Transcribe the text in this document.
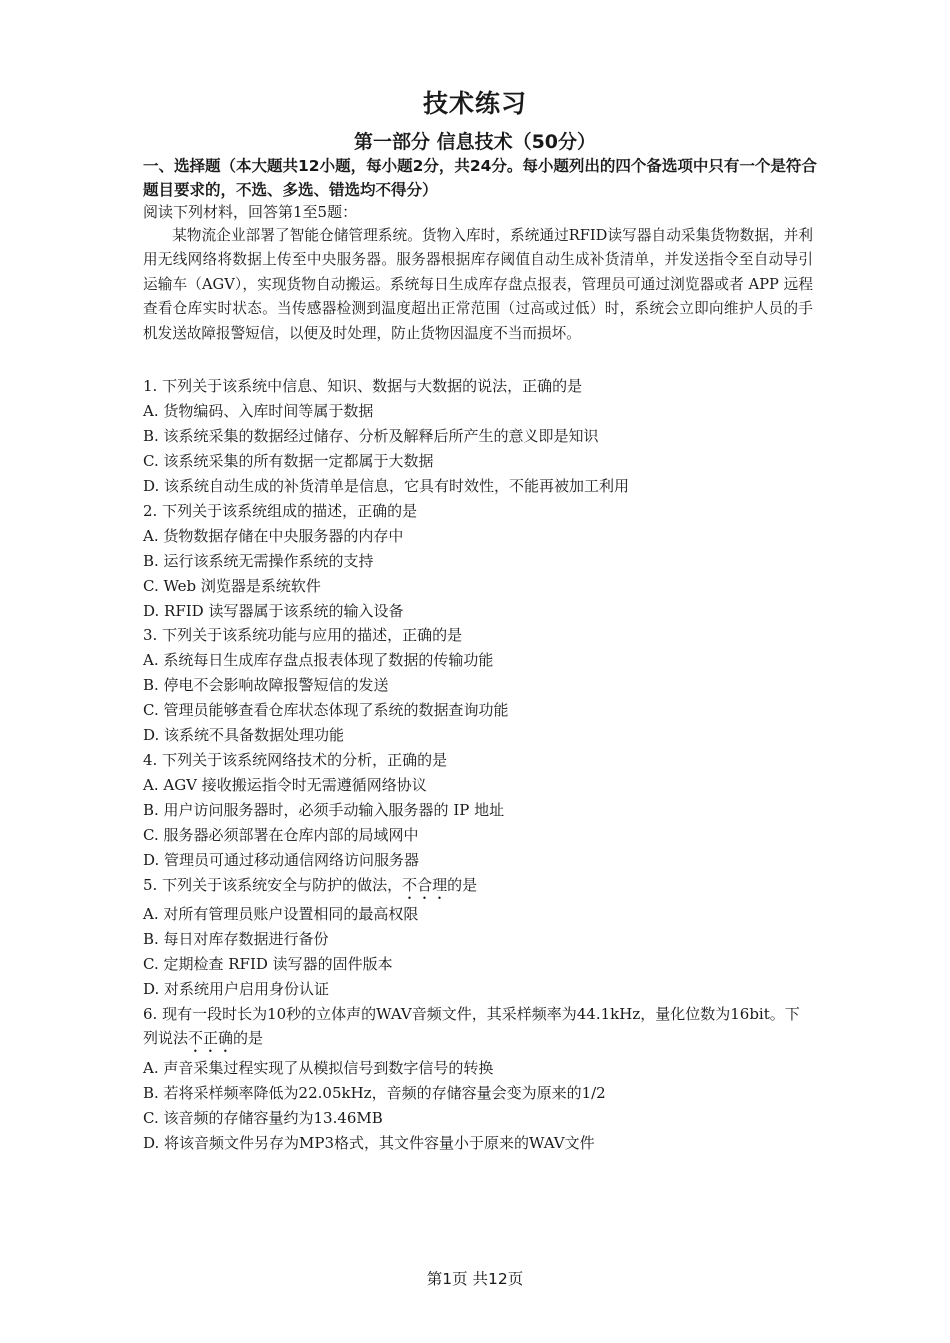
技术练习
第一部分 信息技术（50分）
一、选择题（本大题共12小题，每小题2分，共24分。每小题列出的四个备选项中只有一个是符合题目要求的，不选、多选、错选均不得分）
阅读下列材料，回答第1至5题：
某物流企业部署了智能仓储管理系统。货物入库时，系统通过RFID读写器自动采集货物数据，并利用无线网络将数据上传至中央服务器。服务器根据库存阈值自动生成补货清单，并发送指令至自动导引运输车（AGV），实现货物自动搬运。系统每日生成库存盘点报表，管理员可通过浏览器或者 APP 远程查看仓库实时状态。当传感器检测到温度超出正常范围（过高或过低）时，系统会立即向维护人员的手机发送故障报警短信，以便及时处理，防止货物因温度不当而损坏。
1. 下列关于该系统中信息、知识、数据与大数据的说法，正确的是
A. 货物编码、入库时间等属于数据
B. 该系统采集的数据经过储存、分析及解释后所产生的意义即是知识
C. 该系统采集的所有数据一定都属于大数据
D. 该系统自动生成的补货清单是信息，它具有时效性，不能再被加工利用
2. 下列关于该系统组成的描述，正确的是
A. 货物数据存储在中央服务器的内存中
B. 运行该系统无需操作系统的支持
C. Web 浏览器是系统软件
D. RFID 读写器属于该系统的输入设备
3. 下列关于该系统功能与应用的描述，正确的是
A. 系统每日生成库存盘点报表体现了数据的传输功能
B. 停电不会影响故障报警短信的发送
C. 管理员能够查看仓库状态体现了系统的数据查询功能
D. 该系统不具备数据处理功能
4. 下列关于该系统网络技术的分析，正确的是
A. AGV 接收搬运指令时无需遵循网络协议
B. 用户访问服务器时，必须手动输入服务器的 IP 地址
C. 服务器必须部署在仓库内部的局域网中
D. 管理员可通过移动通信网络访问服务器
5. 下列关于该系统安全与防护的做法，不合理的是
A. 对所有管理员账户设置相同的最高权限
B. 每日对库存数据进行备份
C. 定期检查 RFID 读写器的固件版本
D. 对系统用户启用身份认证
6. 现有一段时长为10秒的立体声的WAV音频文件，其采样频率为44.1kHz，量化位数为16bit。下列说法不正确的是
A. 声音采集过程实现了从模拟信号到数字信号的转换
B. 若将采样频率降低为22.05kHz，音频的存储容量会变为原来的1/2
C. 该音频的存储容量约为13.46MB
D. 将该音频文件另存为MP3格式，其文件容量小于原来的WAV文件
第1页 共12页
